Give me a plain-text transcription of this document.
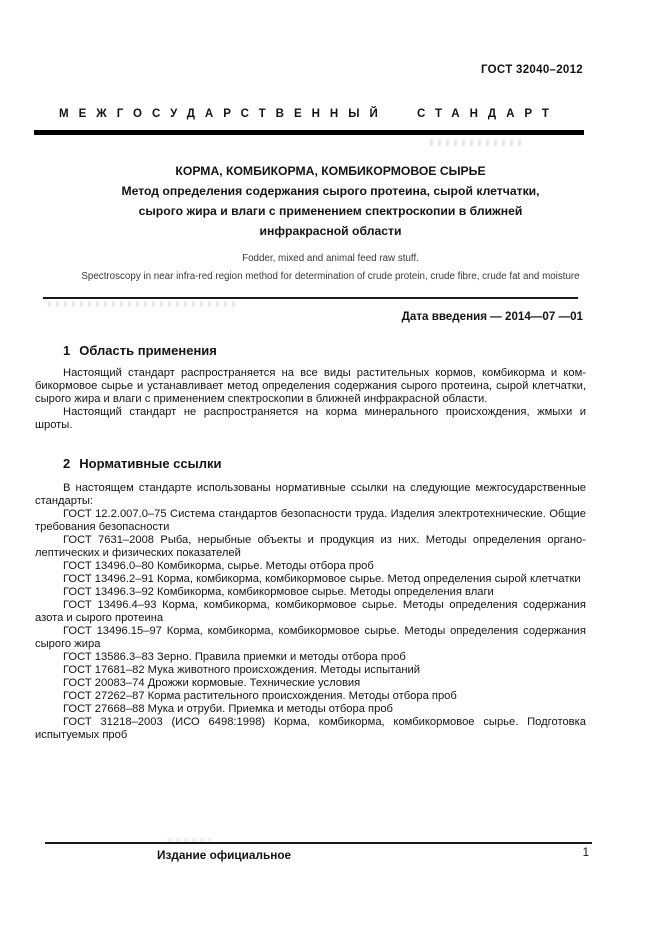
ГОСТ 32040–2012
МЕЖГОСУДАРСТВЕННЫЙ СТАНДАРТ
КОРМА, КОМБИКОРМА, КОМБИКОРМОВОЕ СЫРЬЕ
Метод определения содержания сырого протеина, сырой клетчатки,
сырого жира и влаги с применением спектроскопии в ближней
инфракрасной области
Fodder, mixed and animal feed raw stuff.
Spectroscopy in near infra-red region method for determination of crude protein, crude fibre, crude fat and moisture
Дата введения — 2014—07 —01
1 Область применения

Настоящий стандарт распространяется на все виды растительных кормов, комбикорма и комбикормовое сырье и устанавливает метод определения содержания сырого протеина, сырой клетчатки, сырого жира и влаги с применением спектроскопии в ближней инфракрасной области.

Настоящий стандарт не распространяется на корма минерального происхождения, жмыхи и шроты.

2 Нормативные ссылки

В настоящем стандарте использованы нормативные ссылки на следующие межгосударственные стандарты:

ГОСТ 12.2.007.0–75 Система стандартов безопасности труда. Изделия электротехнические. Общие требования безопасности

ГОСТ 7631–2008 Рыба, нерыбные объекты и продукция из них. Методы определения органолептических и физических показателей

ГОСТ 13496.0–80 Комбикорма, сырье. Методы отбора проб

ГОСТ 13496.2–91 Корма, комбикорма, комбикормовое сырье. Метод определения сырой клетчатки

ГОСТ 13496.3–92 Комбикорма, комбикормовое сырье. Методы определения влаги

ГОСТ 13496.4–93 Корма, комбикорма, комбикормовое сырье. Методы определения содержания азота и сырого протеина

ГОСТ 13496.15–97 Корма, комбикорма, комбикормовое сырье. Методы определения содержания сырого жира

ГОСТ 13586.3–83 Зерно. Правила приемки и методы отбора проб

ГОСТ 17681–82 Мука животного происхождения. Методы испытаний

ГОСТ 20083–74 Дрожжи кормовые. Технические условия

ГОСТ 27262–87 Корма растительного происхождения. Методы отбора проб

ГОСТ 27668–88 Мука и отруби. Приемка и методы отбора проб

ГОСТ 31218–2003 (ИСО 6498:1998) Корма, комбикорма, комбикормовое сырье. Подготовка испытуемых проб

Издание официальное	1
